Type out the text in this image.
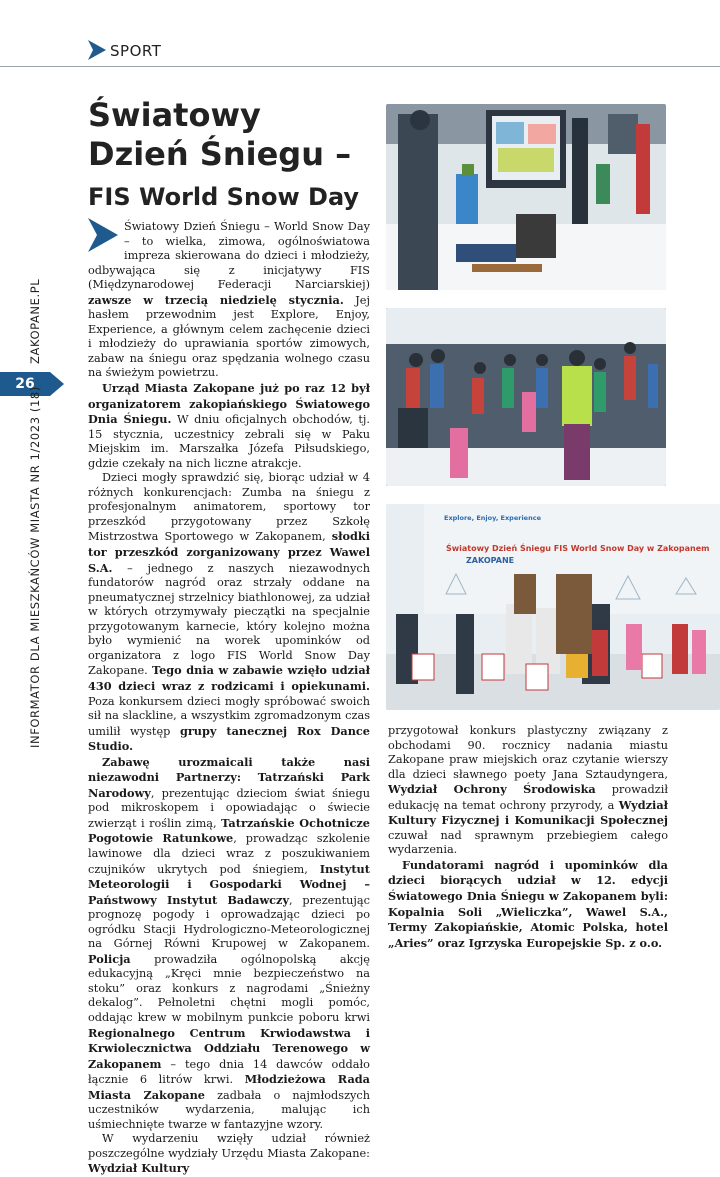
SPORT
ZAKOPANE.PL
26
INFORMATOR DLA MIESZKAŃCÓW MIASTA NR 1/2023 (18)
Światowy
Dzień Śniegu –
FIS World Snow Day

Światowy Dzień Śniegu – World Snow Day – to wielka, zimowa, ogólnoświatowa impreza skierowana do dzieci i młodzieży, odbywająca się z inicjatywy FIS (Międzynarodowej Federacji Narciarskiej) zawsze w trzecią niedzielę stycznia. Jej hasłem przewodnim jest Explore, Enjoy, Experience, a głównym celem zachęcenie dzieci i młodzieży do uprawiania sportów zimowych, zabaw na śniegu oraz spędzania wolnego czasu na świeżym powietrzu.

Urząd Miasta Zakopane już po raz 12 był organizatorem zakopiańskiego Światowego Dnia Śniegu. W dniu oficjalnych obchodów, tj. 15 stycznia, uczestnicy zebrali się w Paku Miejskim im. Marszałka Józefa Piłsudskiego, gdzie czekały na nich liczne atrakcje.

Dzieci mogły sprawdzić się, biorąc udział w 4 różnych konkurencjach: Zumba na śniegu z profesjonalnym animatorem, sportowy tor przeszkód przygotowany przez Szkołę Mistrzostwa Sportowego w Zakopanem, słodki tor przeszkód zorganizowany przez Wawel S.A. – jednego z naszych niezawodnych fundatorów nagród oraz strzały oddane na pneumatycznej strzelnicy biathlonowej, za udział w których otrzymywały pieczątki na specjalnie przygotowanym karnecie, który kolejno można było wymienić na worek upominków od organizatora z logo FIS World Snow Day Zakopane. Tego dnia w zabawie wzięło udział 430 dzieci wraz z rodzicami i opiekunami. Poza konkursem dzieci mogły spróbować swoich sił na slackline, a wszystkim zgromadzonym czas umilił występ grupy tanecznej Rox Dance Studio.

Zabawę urozmaicali także nasi niezawodni Partnerzy: Tatrzański Park Narodowy, prezentując dzieciom świat śniegu pod mikroskopem i opowiadając o świecie zwierząt i roślin zimą, Tatrzańskie Ochotnicze Pogotowie Ratunkowe, prowadząc szkolenie lawinowe dla dzieci wraz z poszukiwaniem czujników ukrytych pod śniegiem, Instytut Meteorologii i Gospodarki Wodnej – Państwowy Instytut Badawczy, prezentując prognozę pogody i oprowadzając dzieci po ogródku Stacji Hydrologiczno-Meteorologicznej na Górnej Równi Krupowej w Zakopanem. Policja prowadziła ogólnopolską akcję edukacyjną „Kręci mnie bezpieczeństwo na stoku” oraz konkurs z nagrodami „Śnieżny dekalog”. Pełnoletni chętni mogli pomóc, oddając krew w mobilnym punkcie poboru krwi Regionalnego Centrum Krwiodawstwa i Krwiolecznictwa Oddziału Terenowego w Zakopanem – tego dnia 14 dawców oddało łącznie 6 litrów krwi. Młodzieżowa Rada Miasta Zakopane zadbała o najmłodszych uczestników wydarzenia, malując ich uśmiechnięte twarze w fantazyjne wzory.

W wydarzeniu wzięły udział również poszczególne wydziały Urzędu Miasta Zakopane: Wydział Kultury

przygotował konkurs plastyczny związany z obchodami 90. rocznicy nadania miastu Zakopane praw miejskich oraz czytanie wierszy dla dzieci sławnego poety Jana Sztaudyngera, Wydział Ochrony Środowiska prowadził edukację na temat ochrony przyrody, a Wydział Kultury Fizycznej i Komunikacji Społecznej czuwał nad sprawnym przebiegiem całego wydarzenia.

Fundatorami nagród i upominków dla dzieci biorących udział w 12. edycji Światowego Dnia Śniegu w Zakopanem byli: Kopalnia Soli „Wieliczka”, Wawel S.A., Termy Zakopiańskie, Atomic Polska, hotel „Aries” oraz Igrzyska Europejskie Sp. z o.o.

Explore, Enjoy, Experience
Światowy Dzień Śniegu FIS World Snow Day w Zakopanem
ZAKOPANE
